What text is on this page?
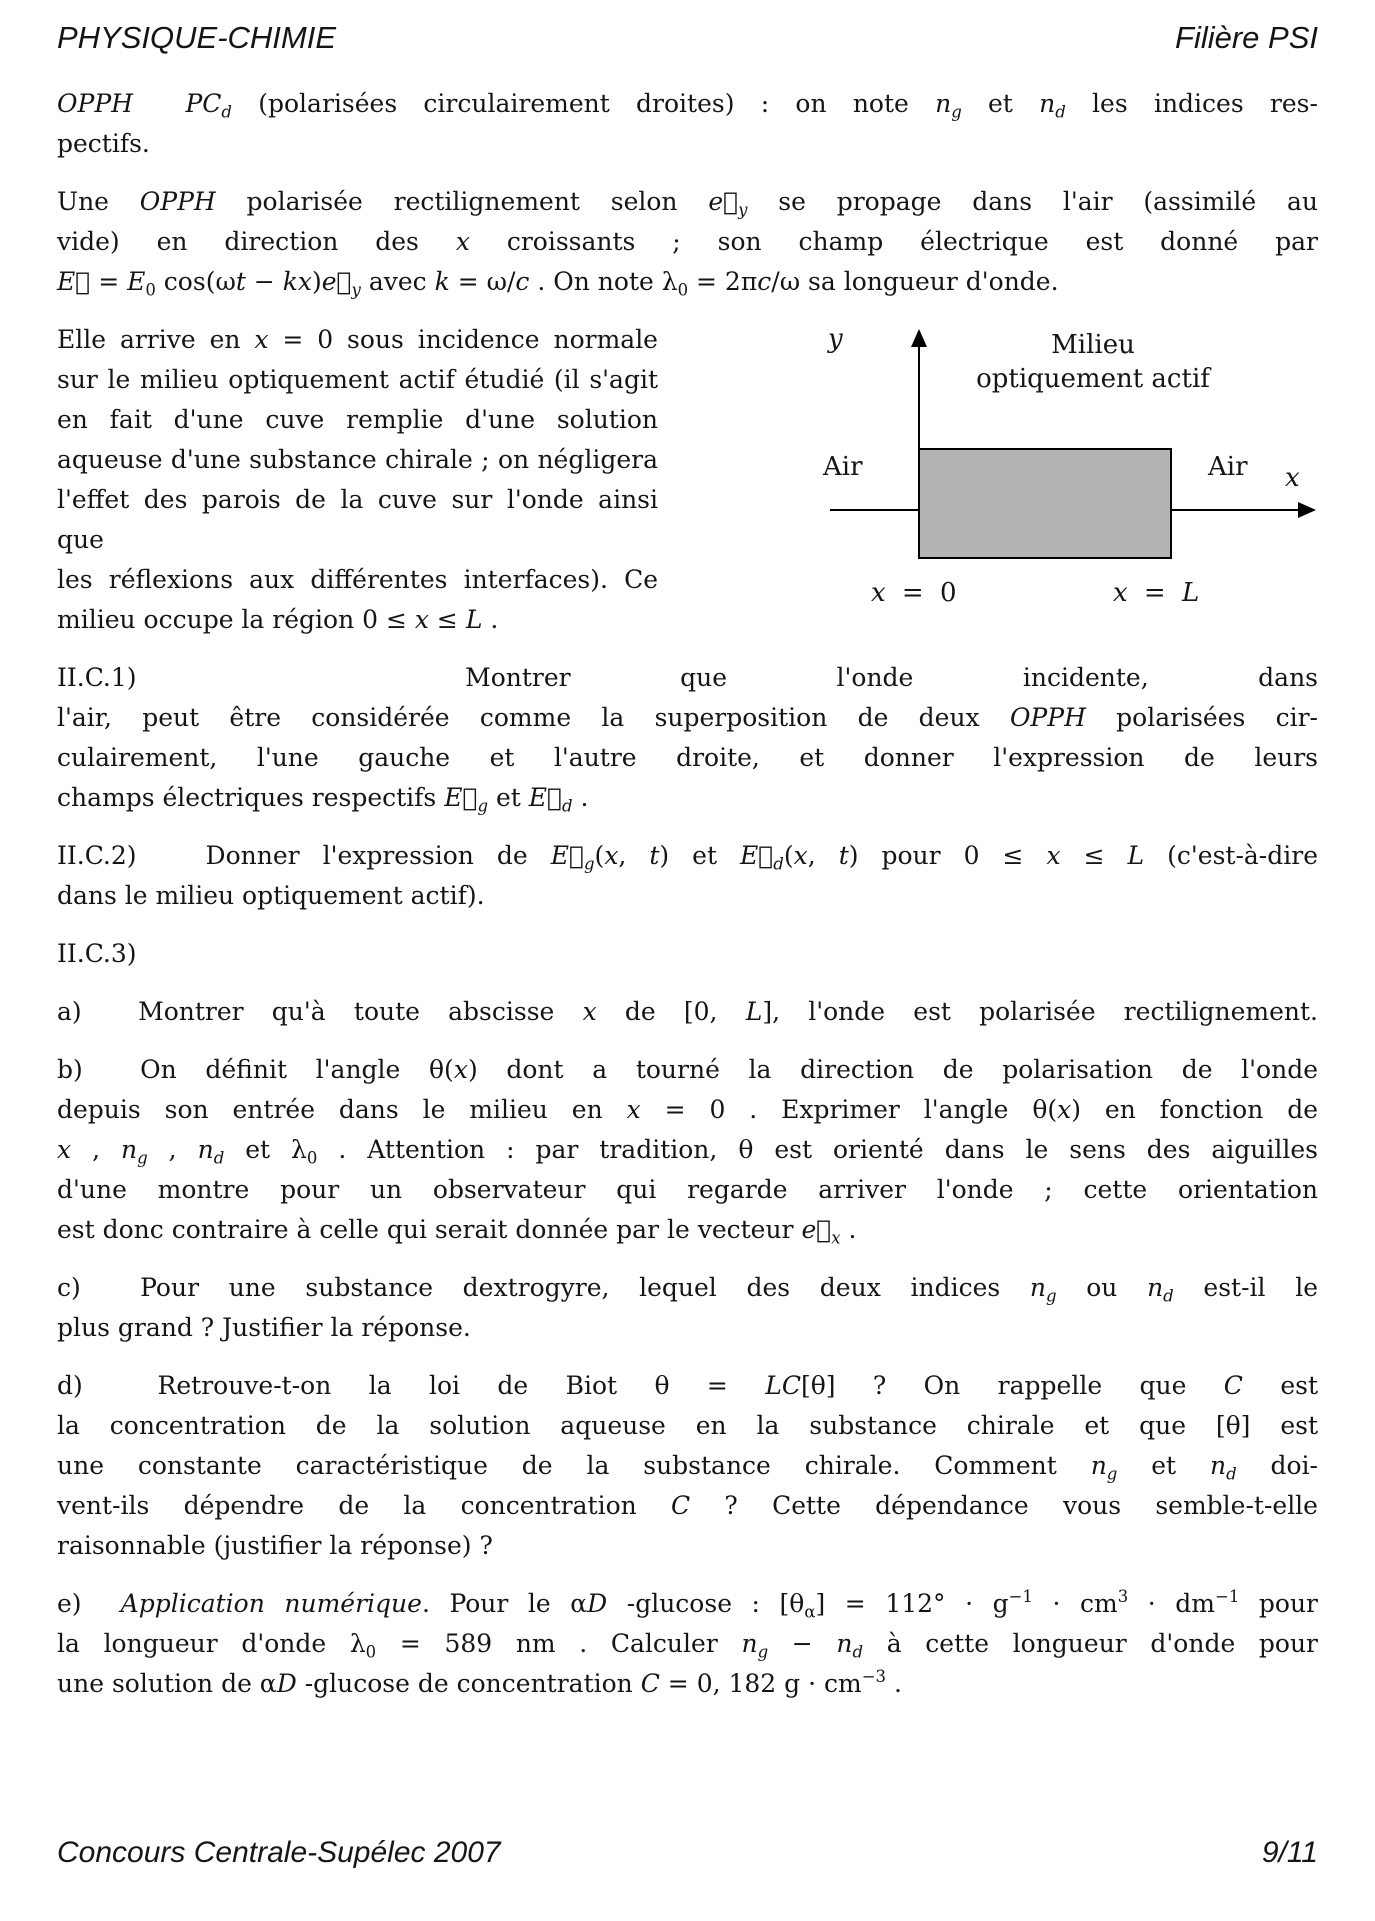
PHYSIQUE-CHIMIE	Filière PSI
OPPH  $PC_d$ (polarisées circulairement droites) : on note $n_g$ et $n_d$ les indices res-
pectifs.
Une OPPH polarisée rectilignement selon $e⃗_y$ se propage dans l'air (assimilé au
vide) en direction des x croissants ; son champ électrique est donné par
E⃗ = $E_0$ $\cos(\omega t - kx)e⃗_y$ avec k = ω/c . On note $\lambda_0 = 2\pi c/\omega$ sa longueur d'onde.
y	Milieu
optiquement actif
x
Air	Air
x = 0	x = L
Elle arrive en x = 0 sous incidence normale
sur le milieu optiquement actif étudié (il s'agit
en fait d'une cuve remplie d'une solution
aqueuse d'une substance chirale ; on négligera
l'effet des parois de la cuve sur l'onde ainsi que
les réflexions aux différentes interfaces). Ce
milieu occupe la région 0 ≤ x ≤ L .
II.C.1)   Montrer que l'onde incidente, dans
l'air, peut être considérée comme la superposition de deux OPPH polarisées cir-
culairement, l'une gauche et l'autre droite, et donner l'expression de leurs
champs électriques respectifs $E⃗_g$ et $E⃗_d$ .
II.C.2)   Donner l'expression de $E⃗_g(x$, t) et $E⃗_d(x$, t) pour 0 ≤ x ≤ L (c'est-à-dire
dans le milieu optiquement actif).
II.C.3)
a)  Montrer qu'à toute abscisse x de [0, L], l'onde est polarisée rectilignement.
b)  On définit l'angle θ(x) dont a tourné la direction de polarisation de l'onde
depuis son entrée dans le milieu en x = 0 . Exprimer l'angle θ(x) en fonction de
x , $n_g$ , $n_d$ et $\lambda_0$ . Attention : par tradition, θ est orienté dans le sens des aiguilles
d'une montre pour un observateur qui regarde arriver l'onde ; cette orientation
est donc contraire à celle qui serait donnée par le vecteur $e⃗_x$ .
c)  Pour une substance dextrogyre, lequel des deux indices $n_g$ ou $n_d$ est-il le
plus grand ? Justifier la réponse.
d)  Retrouve-t-on la loi de Biot θ = LC[θ] ? On rappelle que C est
la concentration de la solution aqueuse en la substance chirale et que [θ] est
une constante caractéristique de la substance chirale. Comment $n_g$ et $n_d$ doi-
vent-ils dépendre de la concentration C ? Cette dépendance vous semble-t-elle
raisonnable (justifier la réponse) ?
e)  Application numérique. Pour le αD -glucose : $[\theta_\alpha] = 112^\circ \cdot g^{-1} \cdot cm^3 \cdot dm^{-1}$ pour
la longueur d'onde $\lambda_0 = 589$ nm . Calculer $n_g - n_d$ à cette longueur d'onde pour
une solution de αD -glucose de concentration C = 0, 182 $g \cdot cm^{-3}$ .
Concours Centrale-Supélec 2007	9/11
